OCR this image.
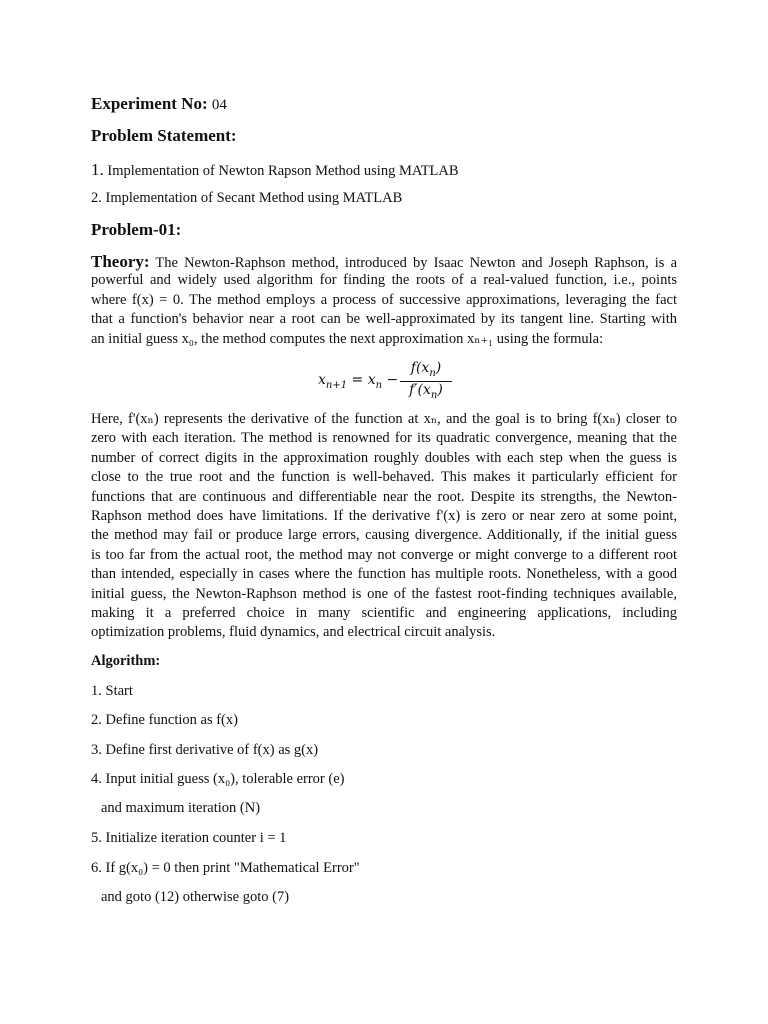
Experiment No: 04
Problem Statement:
1. Implementation of Newton Rapson Method using MATLAB
2. Implementation of Secant Method using MATLAB
Problem-01:
Theory: The Newton-Raphson method, introduced by Isaac Newton and Joseph Raphson, is a
powerful and widely used algorithm for finding the roots of a real-valued function, i.e., points
where f(x) = 0. The method employs a process of successive approximations, leveraging the fact
that a function's behavior near a root can be well-approximated by its tangent line. Starting with
an initial guess x₀, the method computes the next approximation xₙ₊₁ using the formula:
$x_{n+1} = x_n$ −
$f(x_n)$
$f'(x_n)$
Here, f'(xₙ) represents the derivative of the function at xₙ, and the goal is to bring f(xₙ) closer to
zero with each iteration. The method is renowned for its quadratic convergence, meaning that the
number of correct digits in the approximation roughly doubles with each step when the guess is
close to the true root and the function is well-behaved. This makes it particularly efficient for
functions that are continuous and differentiable near the root. Despite its strengths, the Newton-
Raphson method does have limitations. If the derivative f'(x) is zero or near zero at some point,
the method may fail or produce large errors, causing divergence. Additionally, if the initial guess
is too far from the actual root, the method may not converge or might converge to a different root
than intended, especially in cases where the function has multiple roots. Nonetheless, with a good
initial guess, the Newton-Raphson method is one of the fastest root-finding techniques available,
making it a preferred choice in many scientific and engineering applications, including
optimization problems, fluid dynamics, and electrical circuit analysis.
Algorithm:
1. Start
2. Define function as f(x)
3. Define first derivative of f(x) as g(x)
4. Input initial guess (x₀), tolerable error (e)
and maximum iteration (N)
5. Initialize iteration counter i = 1
6. If g(x₀) = 0 then print "Mathematical Error"
and goto (12) otherwise goto (7)
